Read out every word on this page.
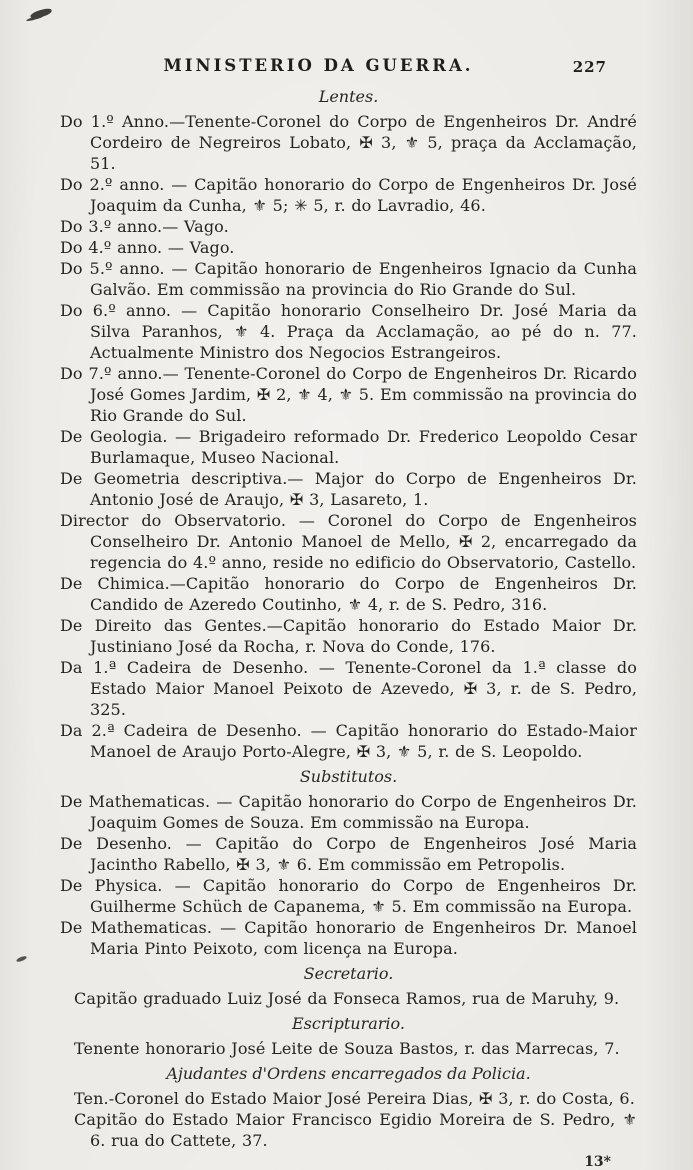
MINISTERIO DA GUERRA.	227
Lentes.

Do 1.º Anno.—Tenente-Coronel do Corpo de Engenheiros Dr. André Cordeiro de Negreiros Lobato, ✠ 3, ⚜ 5, praça da Acclamação, 51.

Do 2.º anno. — Capitão honorario do Corpo de Engenheiros Dr. José Joaquim da Cunha, ⚜ 5; ✳ 5, r. do Lavradio, 46.

Do 3.º anno.— Vago.

Do 4.º anno. — Vago.

Do 5.º anno. — Capitão honorario de Engenheiros Ignacio da Cunha Galvão. Em commissão na provincia do Rio Grande do Sul.

Do 6.º anno. — Capitão honorario Conselheiro Dr. José Maria da Silva Paranhos, ⚜ 4. Praça da Acclamação, ao pé do n. 77. Actualmente Ministro dos Negocios Estrangeiros.

Do 7.º anno.— Tenente-Coronel do Corpo de Engenheiros Dr. Ricardo José Gomes Jardim, ✠ 2, ⚜ 4, ⚜ 5. Em commissão na provincia do Rio Grande do Sul.

De Geologia. — Brigadeiro reformado Dr. Frederico Leopoldo Cesar Burlamaque, Museo Nacional.

De Geometria descriptiva.— Major do Corpo de Engenheiros Dr. Antonio José de Araujo, ✠ 3, Lasareto, 1.

Director do Observatorio. — Coronel do Corpo de Engenheiros Conselheiro Dr. Antonio Manoel de Mello, ✠ 2, encarregado da regencia do 4.º anno, reside no edificio do Observatorio, Castello.

De Chimica.—Capitão honorario do Corpo de Engenheiros Dr. Candido de Azeredo Coutinho, ⚜ 4, r. de S. Pedro, 316.

De Direito das Gentes.—Capitão honorario do Estado Maior Dr. Justiniano José da Rocha, r. Nova do Conde, 176.

Da 1.ª Cadeira de Desenho. — Tenente-Coronel da 1.ª classe do Estado Maior Manoel Peixoto de Azevedo, ✠ 3, r. de S. Pedro, 325.

Da 2.ª Cadeira de Desenho. — Capitão honorario do Estado-Maior Manoel de Araujo Porto-Alegre, ✠ 3, ⚜ 5, r. de S. Leopoldo.

Substitutos.

De Mathematicas. — Capitão honorario do Corpo de Engenheiros Dr. Joaquim Gomes de Souza. Em commissão na Europa.

De Desenho. — Capitão do Corpo de Engenheiros José Maria Jacintho Rabello, ✠ 3, ⚜ 6. Em commissão em Petropolis.

De Physica. — Capitão honorario do Corpo de Engenheiros Dr. Guilherme Schüch de Capanema, ⚜ 5. Em commissão na Europa.

De Mathematicas. — Capitão honorario de Engenheiros Dr. Manoel Maria Pinto Peixoto, com licença na Europa.

Secretario.

Capitão graduado Luiz José da Fonseca Ramos, rua de Maruhy, 9.

Escripturario.

Tenente honorario José Leite de Souza Bastos, r. das Marrecas, 7.

Ajudantes d'Ordens encarregados da Policia.

Ten.-Coronel do Estado Maior José Pereira Dias, ✠ 3, r. do Costa, 6.

Capitão do Estado Maior Francisco Egidio Moreira de S. Pedro, ⚜ 6. rua do Cattete, 37.

13*
